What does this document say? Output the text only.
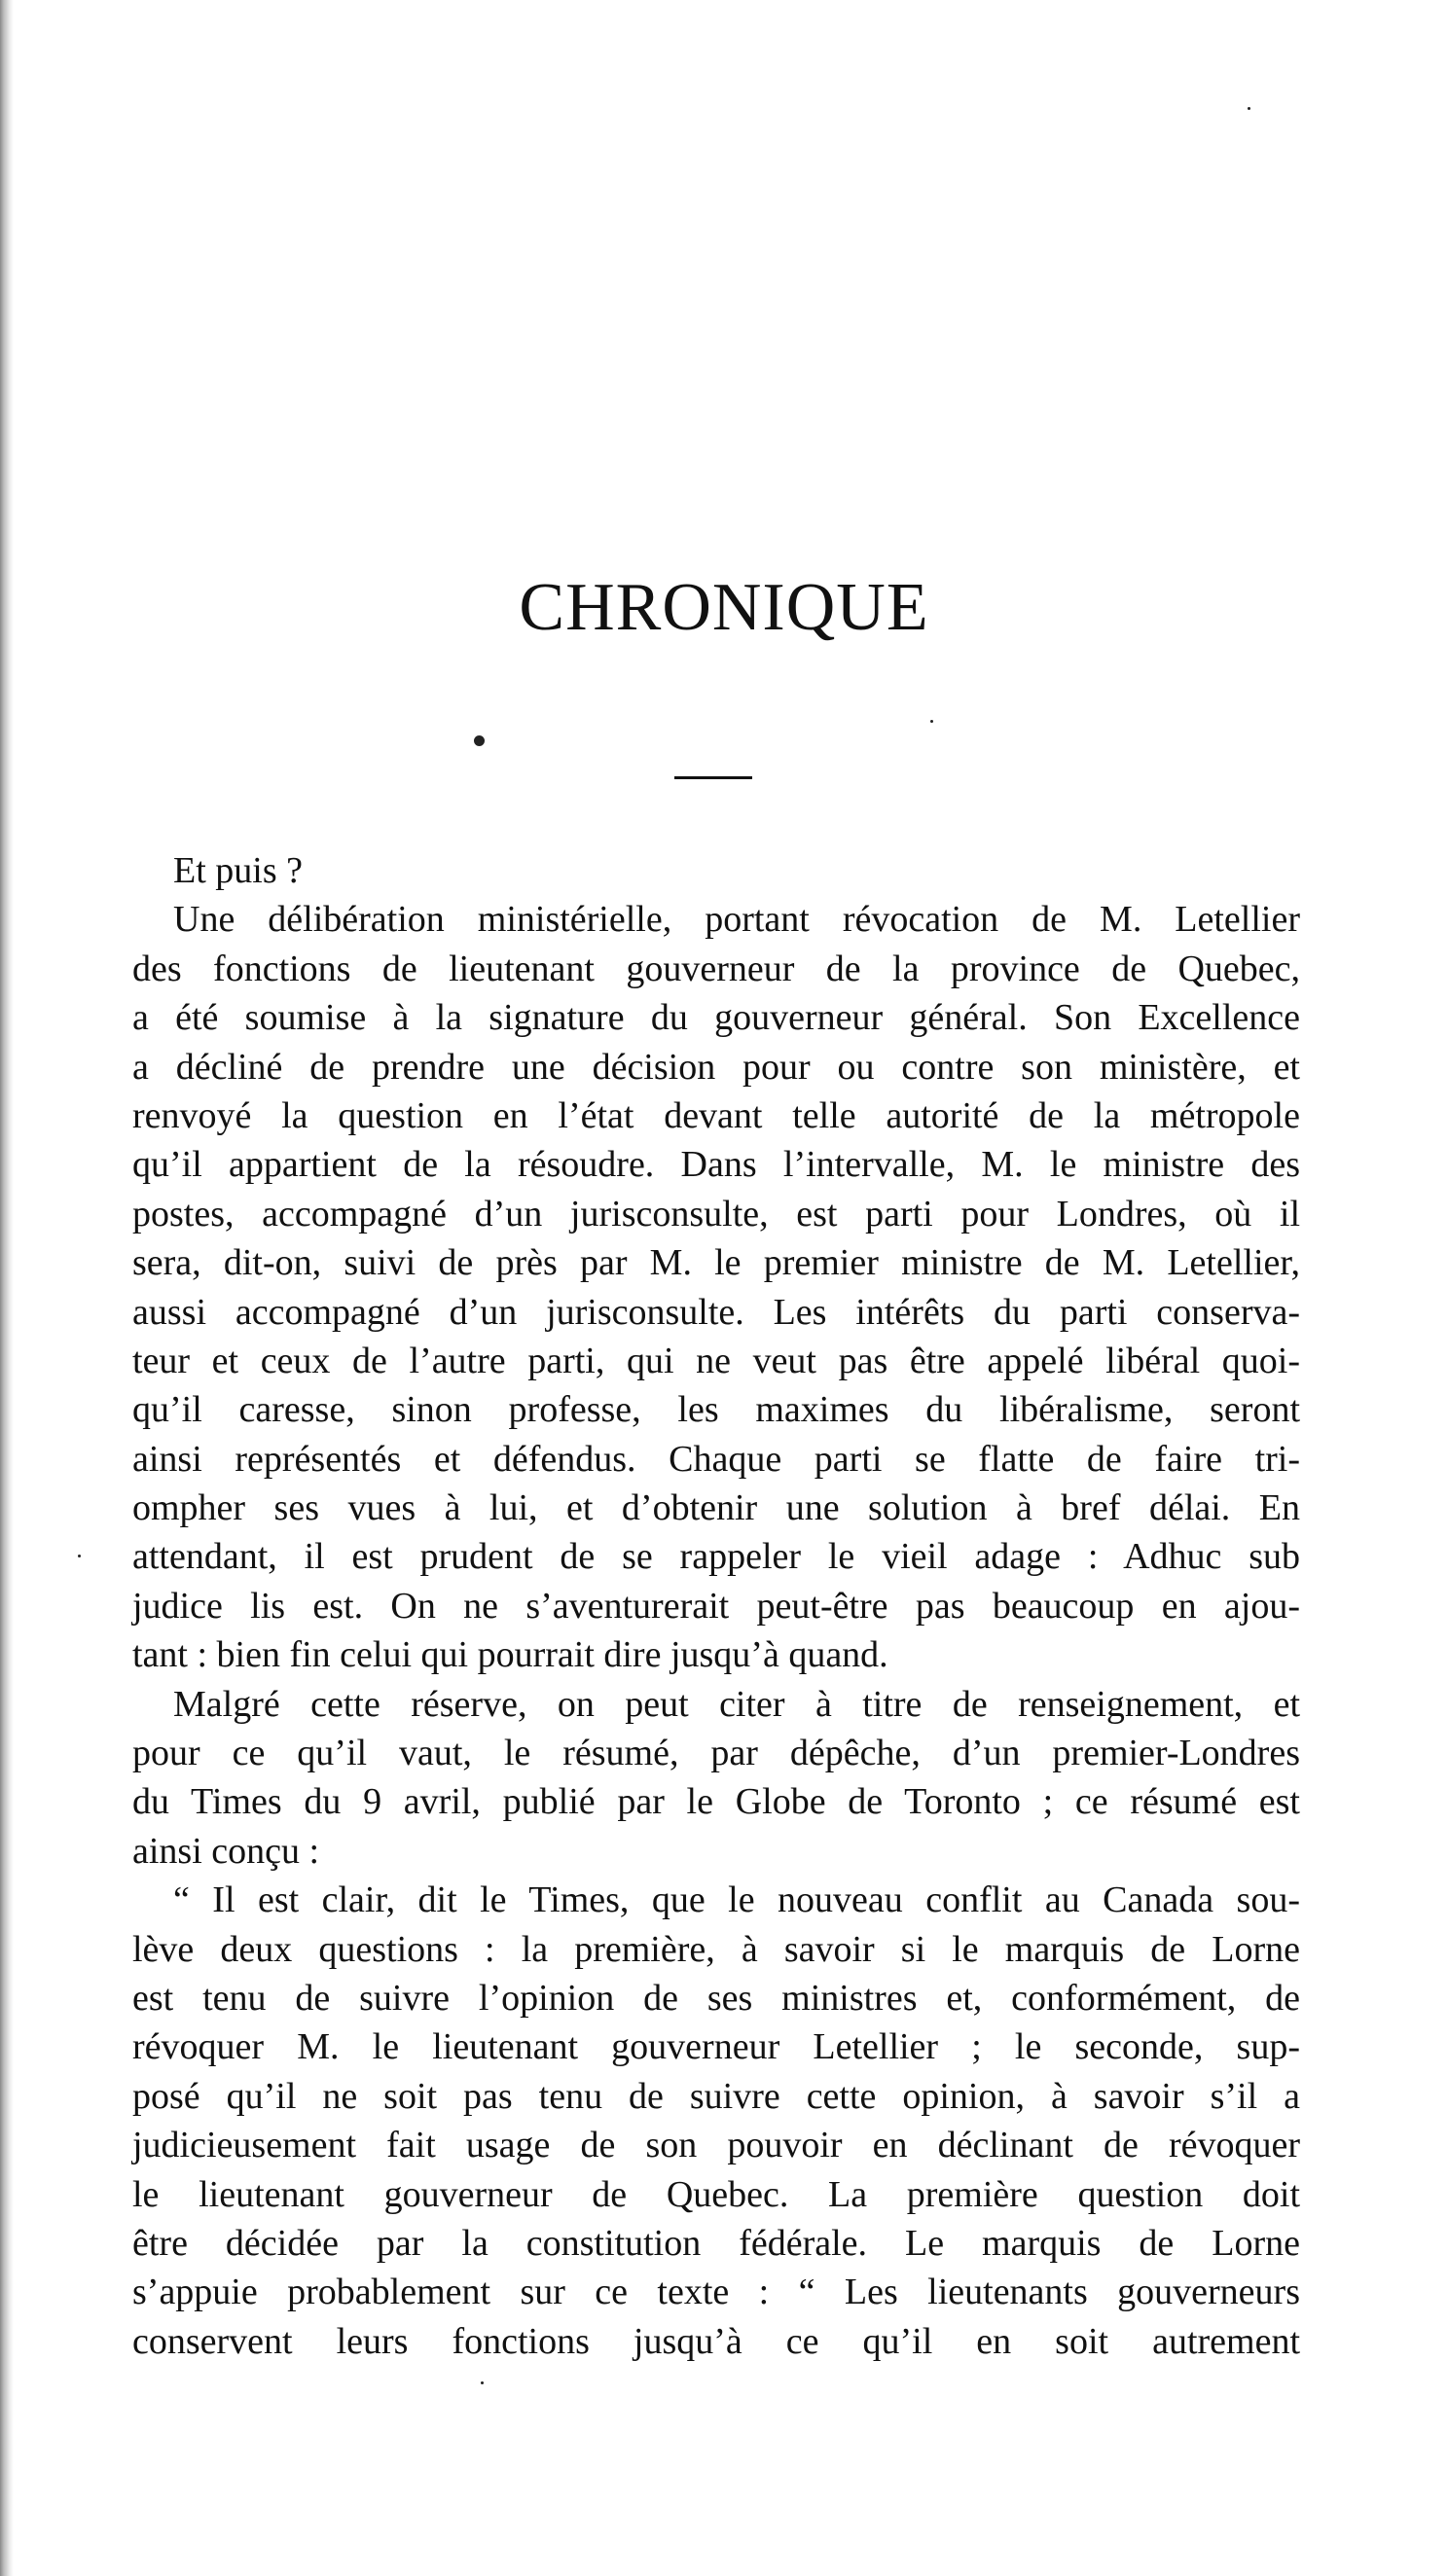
CHRONIQUE
Et puis ?
Une délibération ministérielle, portant révocation de M. Letellier
des fonctions de lieutenant gouverneur de la province de Quebec,
a été soumise à la signature du gouverneur général. Son Excellence
a décliné de prendre une décision pour ou contre son ministère, et
renvoyé la question en l’état devant telle autorité de la métropole
qu’il appartient de la résoudre. Dans l’intervalle, M. le ministre des
postes, accompagné d’un jurisconsulte, est parti pour Londres, où il
sera, dit-on, suivi de près par M. le premier ministre de M. Letellier,
aussi accompagné d’un jurisconsulte. Les intérêts du parti conserva-
teur et ceux de l’autre parti, qui ne veut pas être appelé libéral quoi-
qu’il caresse, sinon professe, les maximes du libéralisme, seront
ainsi représentés et défendus. Chaque parti se flatte de faire tri-
ompher ses vues à lui, et d’obtenir une solution à bref délai. En
attendant, il est prudent de se rappeler le vieil adage : Adhuc sub
judice lis est. On ne s’aventurerait peut-être pas beaucoup en ajou-
tant : bien fin celui qui pourrait dire jusqu’à quand.
Malgré cette réserve, on peut citer à titre de renseignement, et
pour ce qu’il vaut, le résumé, par dépêche, d’un premier-Londres
du Times du 9 avril, publié par le Globe de Toronto ; ce résumé est
ainsi conçu :
“ Il est clair, dit le Times, que le nouveau conflit au Canada sou-
lève deux questions : la première, à savoir si le marquis de Lorne
est tenu de suivre l’opinion de ses ministres et, conformément, de
révoquer M. le lieutenant gouverneur Letellier ; le seconde, sup-
posé qu’il ne soit pas tenu de suivre cette opinion, à savoir s’il a
judicieusement fait usage de son pouvoir en déclinant de révoquer
le lieutenant gouverneur de Quebec. La première question doit
être décidée par la constitution fédérale. Le marquis de Lorne
s’appuie probablement sur ce texte : “ Les lieutenants gouverneurs
conservent leurs fonctions jusqu’à ce qu’il en soit autrement
